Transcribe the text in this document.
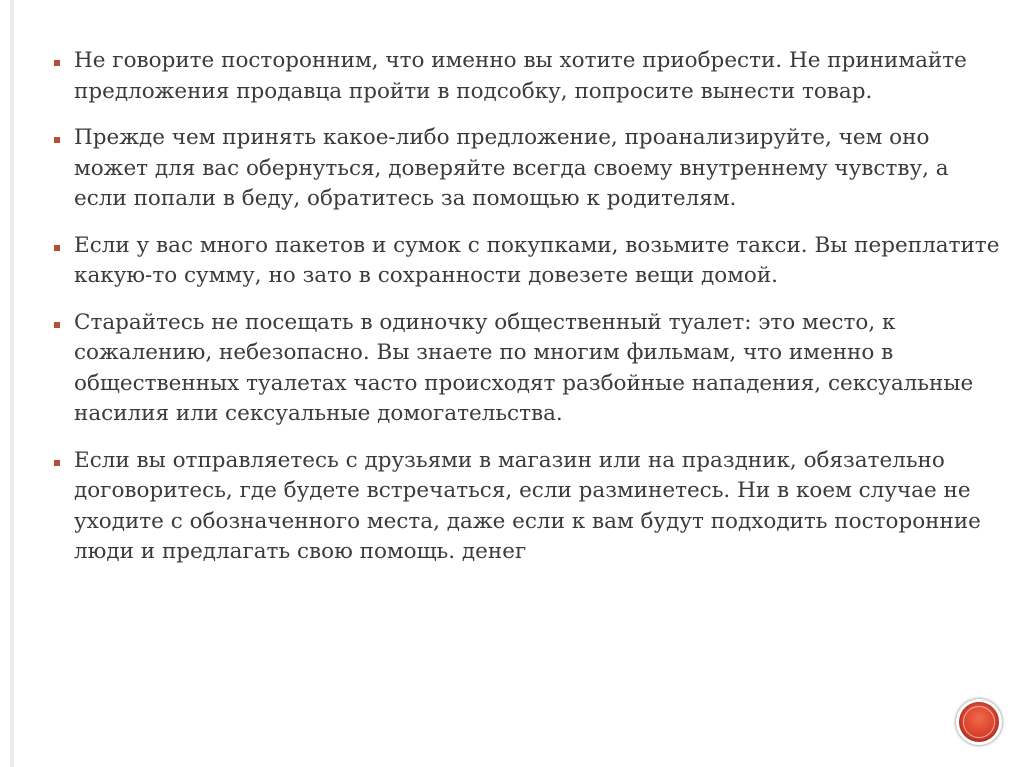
Не говорите посторонним, что именно вы хотите приобрести. Не принимайте предложения продавца пройти в подсобку, попросите вынести товар.
Прежде чем принять какое-либо предложение, проанализируйте, чем оно может для вас обернуться, доверяйте всегда своему внутреннему чувству, а если попали в беду, обратитесь за помощью к родителям.
Если у вас много пакетов и сумок с покупками, возьмите такси. Вы переплатите какую-то сумму, но зато в сохранности довезете вещи домой.
Старайтесь не посещать в одиночку общественный туалет: это место, к сожалению, небезопасно. Вы знаете по многим фильмам, что именно в общественных туалетах часто происходят разбойные нападения, сексуальные насилия или сексуальные домогательства.
Если вы отправляетесь с друзьями в магазин или на праздник, обязательно договоритесь, где будете встречаться, если разминетесь. Ни в коем случае не уходите с обозначенного места, даже если к вам будут подходить посторонние люди и предлагать свою помощь. денег
